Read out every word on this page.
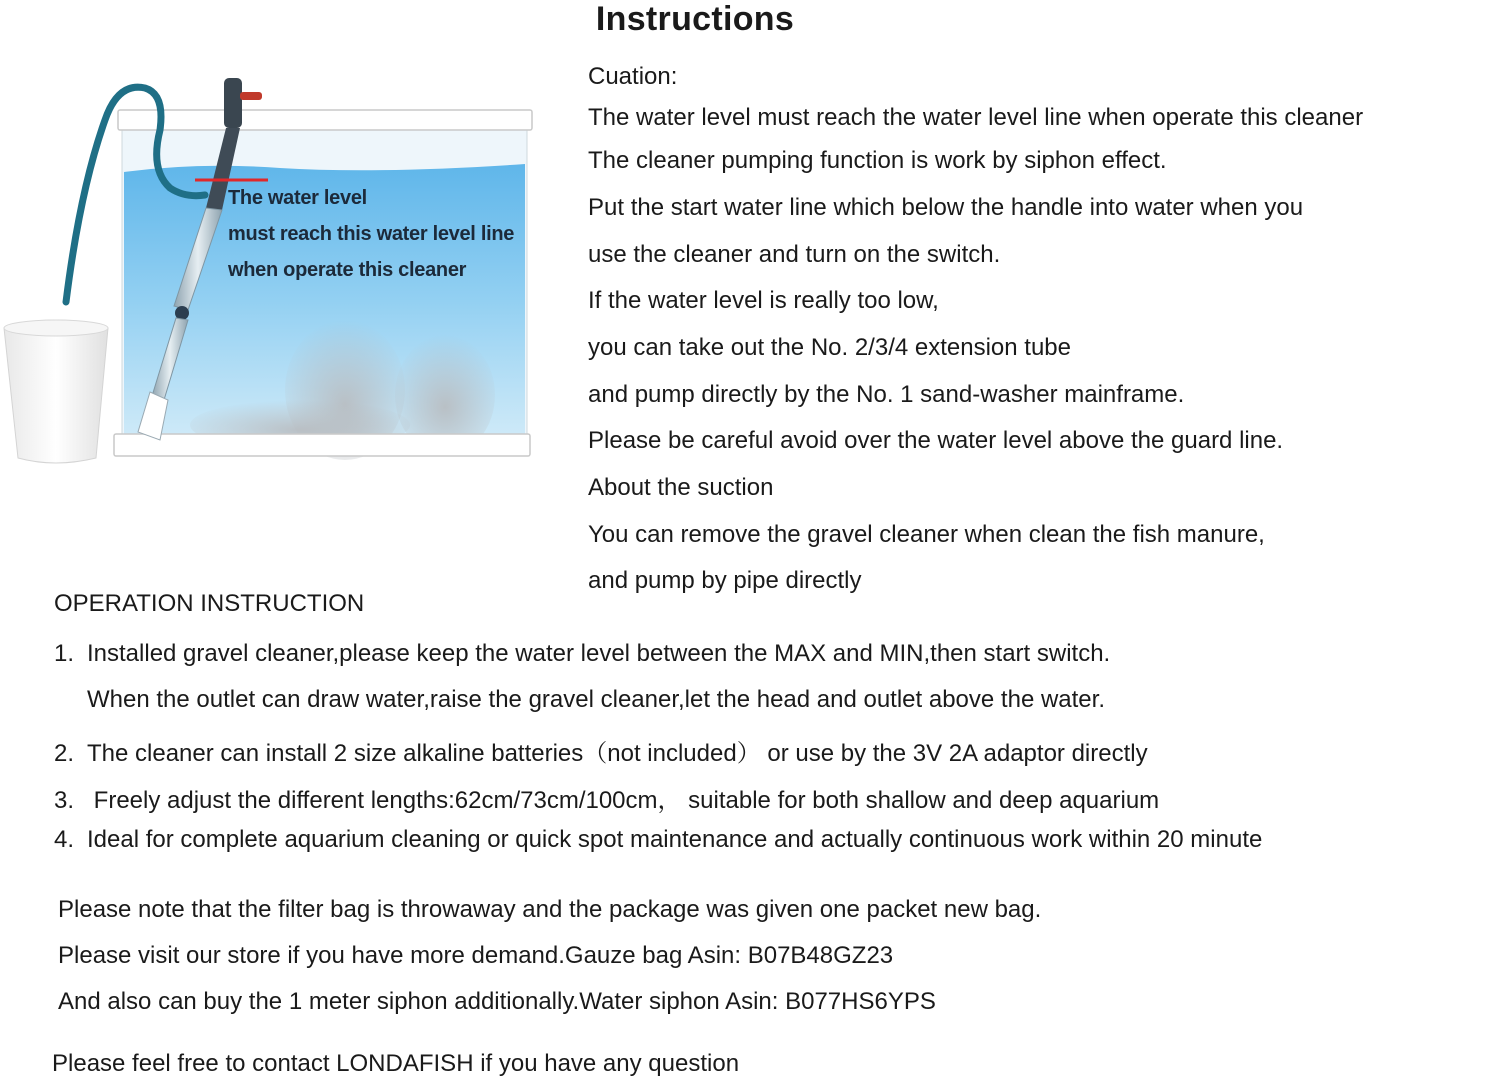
Instructions
The water level
must reach this water level line
when operate this cleaner
Cuation:
The water level must reach the water level line when operate this cleaner
The cleaner pumping function is work by siphon effect.
Put the start water line which below the handle into water when you
use the cleaner and turn on the switch.
If the water level is really too low,
you can take out the No. 2/3/4 extension tube
and pump directly by the No. 1 sand-washer mainframe.
Please be careful avoid over the water level above the guard line.
About the suction
You can remove the gravel cleaner when clean the fish manure,
and pump by pipe directly
OPERATION INSTRUCTION
1. Installed gravel cleaner,please keep the water level between the MAX and MIN,then start switch.
When the outlet can draw water,raise the gravel cleaner,let the head and outlet above the water.
2. The cleaner can install 2 size alkaline batteries（not included） or use by the 3V 2A adaptor directly
3. Freely adjust the different lengths:62cm/73cm/100cm， suitable for both shallow and deep aquarium
4. Ideal for complete aquarium cleaning or quick spot maintenance and actually continuous work within 20 minute
Please note that the filter bag is throwaway and the package was given one packet new bag.
Please visit our store if you have more demand.Gauze bag Asin: B07B48GZ23
And also can buy the 1 meter siphon additionally.Water siphon Asin: B077HS6YPS
Please feel free to contact LONDAFISH if you have any question
